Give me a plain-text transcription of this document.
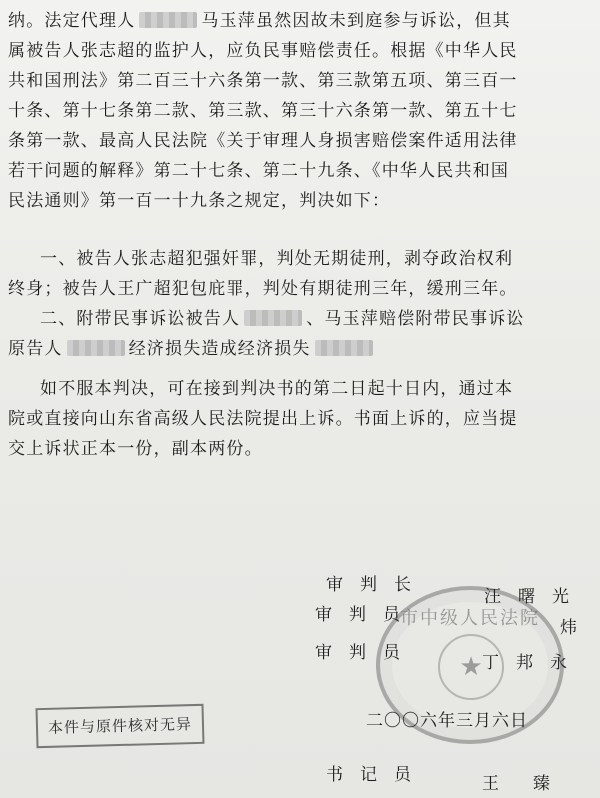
纳。法定代理人	马玉萍虽然因故未到庭参与诉讼，但其
属被告人张志超的监护人，应负民事赔偿责任。根据《中华人民
共和国刑法》第二百三十六条第一款、第三款第五项、第三百一
十条、第十七条第二款、第三款、第三十六条第一款、第五十七
条第一款、最高人民法院《关于审理人身损害赔偿案件适用法律
若干问题的解释》第二十七条、第二十九条、《中华人民共和国
民法通则》第一百一十九条之规定，判决如下：
一、被告人张志超犯强奸罪，判处无期徒刑，剥夺政治权利
终身；被告人王广超犯包庇罪，判处有期徒刑三年，缓刑三年。
二、附带民事诉讼被告人	、马玉萍赔偿附带民事诉讼
原告人	经济损失造成经济损失
如不服本判决，可在接到判决书的第二日起十日内，通过本
院或直接向山东省高级人民法院提出上诉。书面上诉的，应当提
交上诉状正本一份，副本两份。
市中级人民法院
★
审　判　长
汪　曙　光
审　判　员
炜
审　判　员	丁　邦　永
二〇〇六年三月六日
本件与原件核对无异
书　记　员	王　　臻
